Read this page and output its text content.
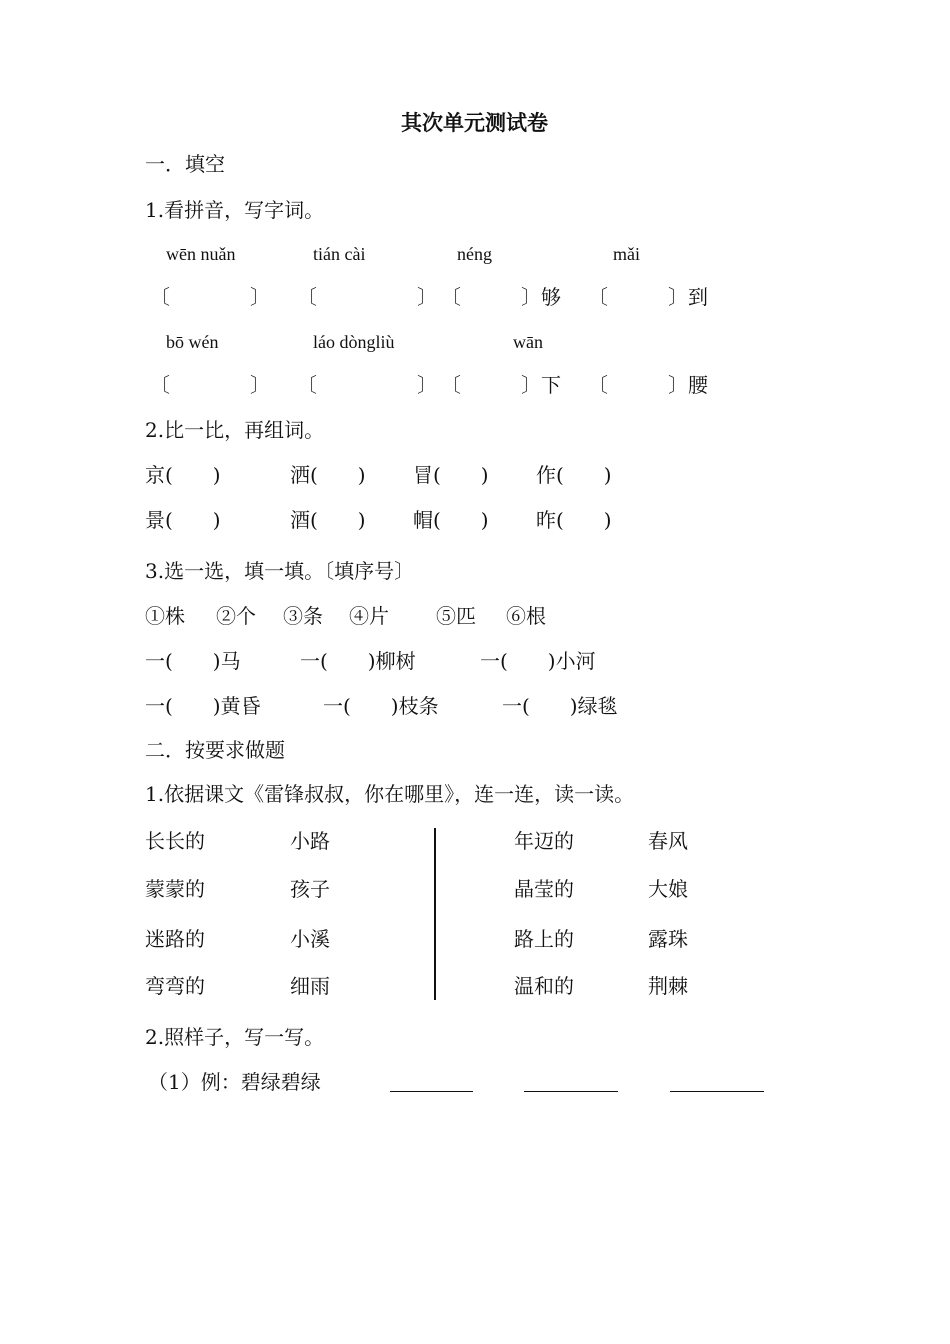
其次单元测试卷
一．填空
1.看拼音，写字词。
wēn nuǎn	tián cài	néng	mǎi
〔　　　　〕 〔　　　　　〕 〔　　　〕够 〔　　　〕到
bō wén	láo dòngliù	wān
〔　　　　〕 〔　　　　　〕 〔　　　〕下 〔　　　〕腰
2.比一比，再组词。
京(　　)	洒(　　) 冒(　　) 作(　　)
景(　　)	酒(　　) 帽(　　) 昨(　　)
3.选一选，填一填。〔填序号〕
①株 ②个 ③条 ④片 ⑤匹 ⑥根
一(　　)马	一(　　)柳树	一(　　)小河
一(　　)黄昏	一(　　)枝条	一(　　)绿毯
二．按要求做题
1.依据课文《雷锋叔叔，你在哪里》，连一连，读一读。
长长的	小路	年迈的	春风
蒙蒙的	孩子	晶莹的	大娘
迷路的	小溪	路上的	露珠
弯弯的	细雨	温和的	荆棘
2.照样子，写一写。
（1）例：碧绿碧绿
